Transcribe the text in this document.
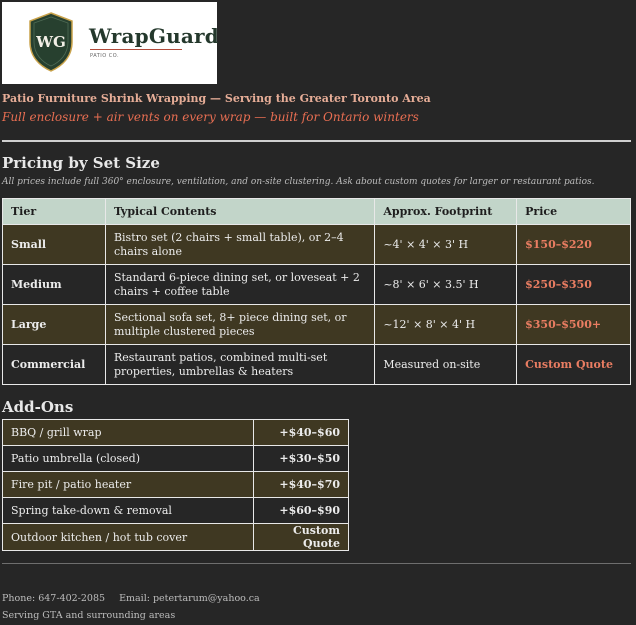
WG WrapGuard
PATIO CO.
Patio Furniture Shrink Wrapping — Serving the Greater Toronto Area
Full enclosure + air vents on every wrap — built for Ontario winters
Pricing by Set Size
All prices include full 360° enclosure, ventilation, and on-site clustering. Ask about custom quotes for larger or restaurant patios.
Tier	Typical Contents	Approx. Footprint	Price
Small	Bistro set (2 chairs + small table), or 2–4 chairs alone	~4' × 4' × 3' H	$150–$220
Medium	Standard 6-piece dining set, or loveseat + 2 chairs + coffee table	~8' × 6' × 3.5' H	$250–$350
Large	Sectional sofa set, 8+ piece dining set, or multiple clustered pieces	~12' × 8' × 4' H	$350–$500+
Commercial	Restaurant patios, combined multi-set properties, umbrellas & heaters	Measured on-site	Custom Quote
Add-Ons
BBQ / grill wrap	+$40–$60
Patio umbrella (closed)	+$30–$50
Fire pit / patio heater	+$40–$70
Spring take-down & removal	+$60–$90
Outdoor kitchen / hot tub cover	Custom Quote
Phone: 647-402-2085 Email: petertarum@yahoo.ca
Serving GTA and surrounding areas
